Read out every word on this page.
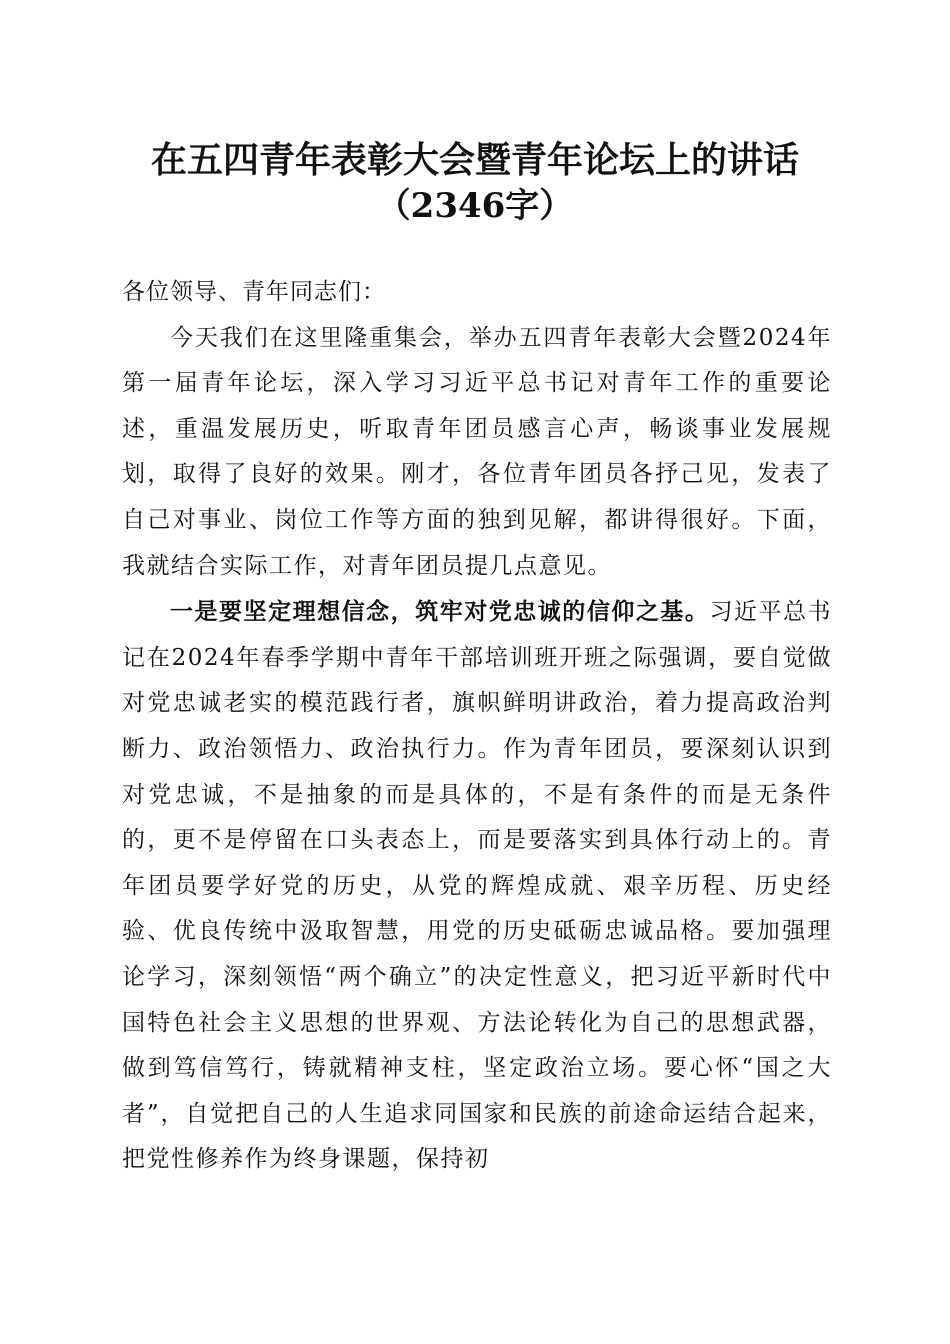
在五四青年表彰大会暨青年论坛上的讲话
（2346字）

各位领导、青年同志们：

今天我们在这里隆重集会，举办五四青年表彰大会暨2024年第一届青年论坛，深入学习习近平总书记对青年工作的重要论述，重温发展历史，听取青年团员感言心声，畅谈事业发展规划，取得了良好的效果。刚才，各位青年团员各抒己见，发表了自己对事业、岗位工作等方面的独到见解，都讲得很好。下面，我就结合实际工作，对青年团员提几点意见。

一是要坚定理想信念，筑牢对党忠诚的信仰之基。习近平总书记在2024年春季学期中青年干部培训班开班之际强调，要自觉做对党忠诚老实的模范践行者，旗帜鲜明讲政治，着力提高政治判断力、政治领悟力、政治执行力。作为青年团员，要深刻认识到对党忠诚，不是抽象的而是具体的，不是有条件的而是无条件的，更不是停留在口头表态上，而是要落实到具体行动上的。青年团员要学好党的历史，从党的辉煌成就、艰辛历程、历史经验、优良传统中汲取智慧，用党的历史砥砺忠诚品格。要加强理论学习，深刻领悟“两个确立”的决定性意义，把习近平新时代中国特色社会主义思想的世界观、方法论转化为自己的思想武器，做到笃信笃行，铸就精神支柱，坚定政治立场。要心怀“国之大者”，自觉把自己的人生追求同国家和民族的前途命运结合起来，把党性修养作为终身课题，保持初
